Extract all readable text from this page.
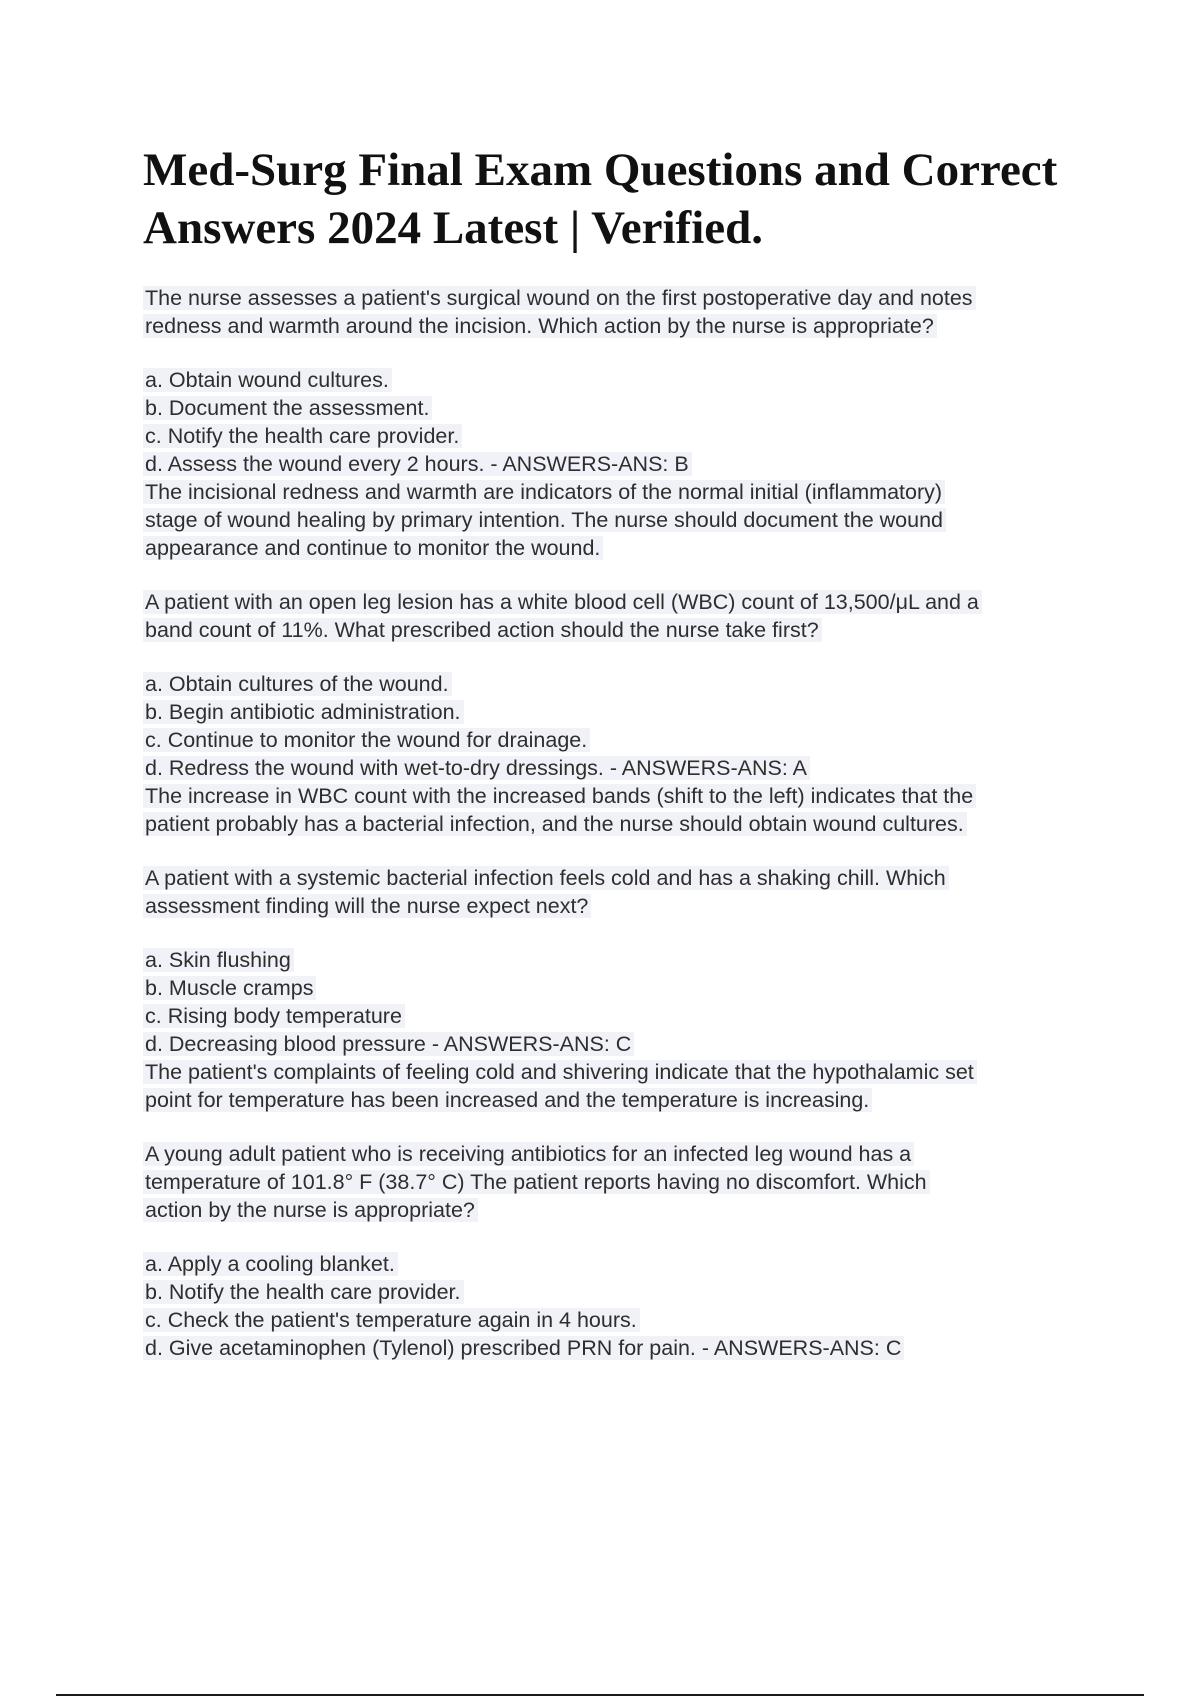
Med-Surg Final Exam Questions and Correct
Answers 2024 Latest | Verified.
The nurse assesses a patient's surgical wound on the first postoperative day and notes
redness and warmth around the incision. Which action by the nurse is appropriate?
a. Obtain wound cultures.
b. Document the assessment.
c. Notify the health care provider.
d. Assess the wound every 2 hours. - ANSWERS-ANS: B
The incisional redness and warmth are indicators of the normal initial (inflammatory)
stage of wound healing by primary intention. The nurse should document the wound
appearance and continue to monitor the wound.
A patient with an open leg lesion has a white blood cell (WBC) count of 13,500/μL and a
band count of 11%. What prescribed action should the nurse take first?
a. Obtain cultures of the wound.
b. Begin antibiotic administration.
c. Continue to monitor the wound for drainage.
d. Redress the wound with wet-to-dry dressings. - ANSWERS-ANS: A
The increase in WBC count with the increased bands (shift to the left) indicates that the
patient probably has a bacterial infection, and the nurse should obtain wound cultures.
A patient with a systemic bacterial infection feels cold and has a shaking chill. Which
assessment finding will the nurse expect next?
a. Skin flushing
b. Muscle cramps
c. Rising body temperature
d. Decreasing blood pressure - ANSWERS-ANS: C
The patient's complaints of feeling cold and shivering indicate that the hypothalamic set
point for temperature has been increased and the temperature is increasing.
A young adult patient who is receiving antibiotics for an infected leg wound has a
temperature of 101.8° F (38.7° C) The patient reports having no discomfort. Which
action by the nurse is appropriate?
a. Apply a cooling blanket.
b. Notify the health care provider.
c. Check the patient's temperature again in 4 hours.
d. Give acetaminophen (Tylenol) prescribed PRN for pain. - ANSWERS-ANS: C
